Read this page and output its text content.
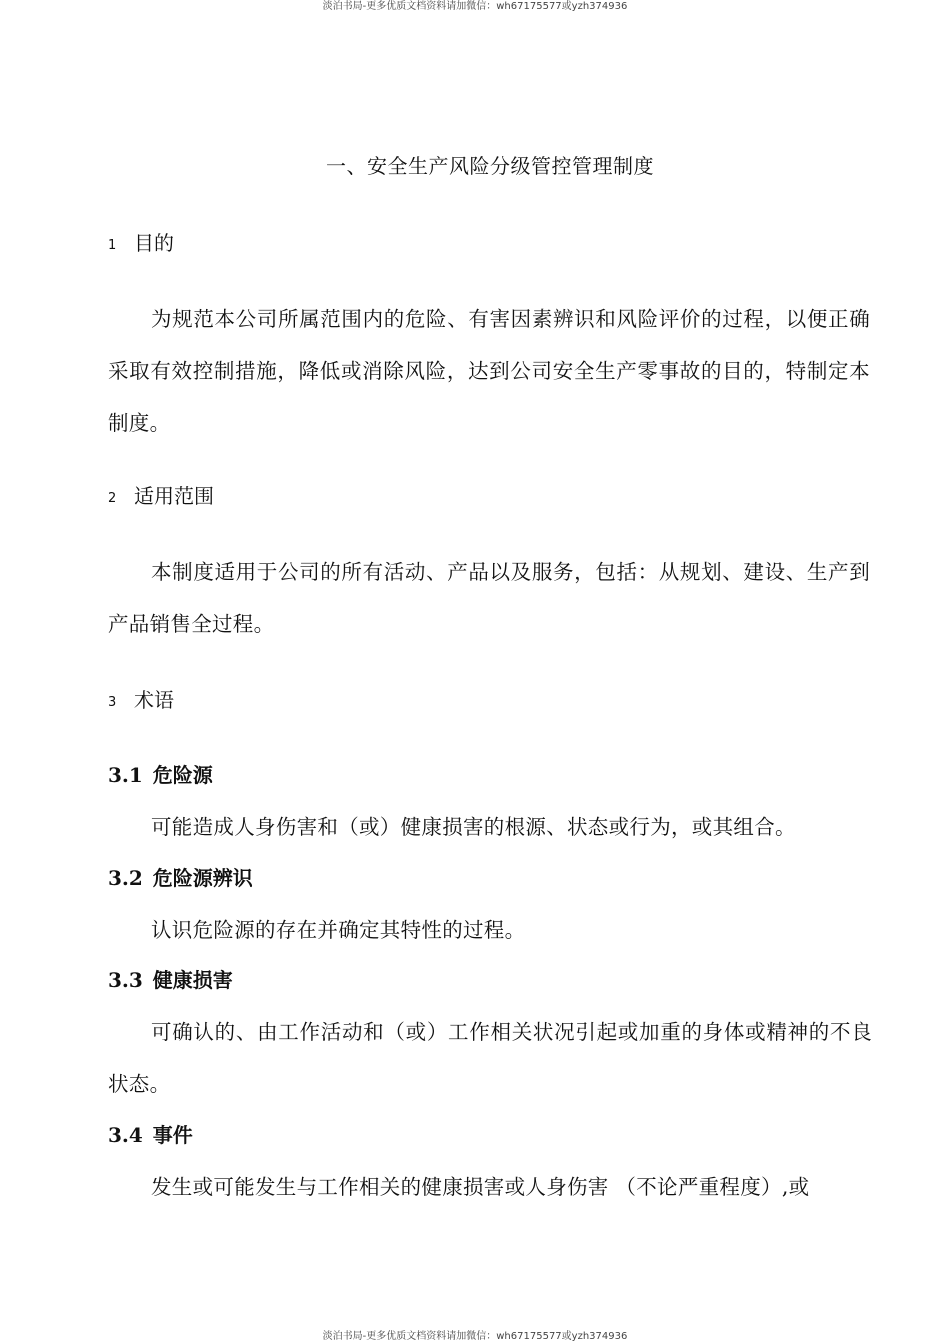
淡泊书局-更多优质文档资料请加微信：wh67175577或yzh374936
一、安全生产风险分级管控管理制度
1 目的

为规范本公司所属范围内的危险、有害因素辨识和风险评价的过程，以便正确采取有效控制措施，降低或消除风险，达到公司安全生产零事故的目的，特制定本制度。

2 适用范围

本制度适用于公司的所有活动、产品以及服务，包括：从规划、建设、生产到产品销售全过程。

3 术语
3.1 危险源

可能造成人身伤害和（或）健康损害的根源、状态或行为，或其组合。

3.2 危险源辨识

认识危险源的存在并确定其特性的过程。

3.3 健康损害

可确认的、由工作活动和（或）工作相关状况引起或加重的身体或精神的不良状态。

3.4 事件

发生或可能发生与工作相关的健康损害或人身伤害 （不论严重程度）,或

淡泊书局-更多优质文档资料请加微信：wh67175577或yzh374936
